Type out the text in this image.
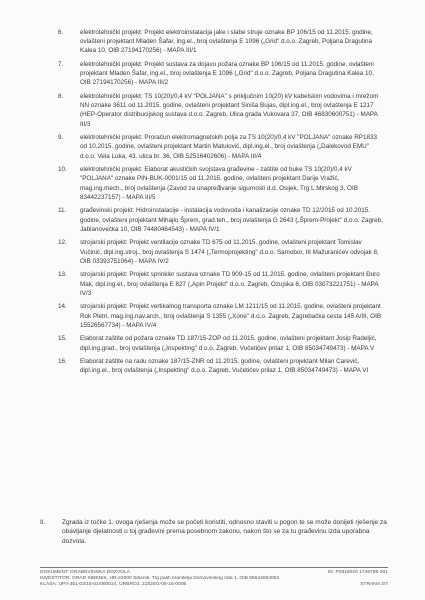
6.	elektrotehnički projekt: Projekt elektroinstalacija jake i slabe struje oznake BP 106/15 od 11.2015. godine, ovlašteni projektant Mladen Šafar, ing.el., broj ovlaštenja E 1096 („Grid" d.o.o. Zagreb, Poljana Dragutina Kalea 10, OIB 27194170256) - MAPA III/1
7.	elektrotehnički projekt: Projekt sustava za dojavu požara oznake BP 106/15 od 11.2015. godine, ovlašteni projektant Mladen Šafar, ing.el., broj ovlaštenja E 1096 („Grid" d.o.o. Zagreb, Poljana Dragutina Kalea 10, OIB 27194170256) - MAPA III/2
8.	elektrotehnički projekt: TS 10(20)/0,4 kV "POLJANA" s priključnim 10(20) kV kabelskim vodovima i mrežom NN oznake 3611 od 11.2015. godine, ovlašteni projektant Siniša Bujas, dipl.ing.el., broj ovlaštenja E 1217 (HEP-Operator distribucijskog sustava d.o.o. Zagreb, Ulica grada Vukovara 37, OIB 46830600751) - MAPA III/3
9.	elektrotehnički projekt: Proračun elektromagnetskih polja za TS 10(20)/0,4 kV "POLJANA" oznake RP1833 od 10.2015. godine, ovlašteni projektant Martin Matulović, dipl.ing.el., broj ovlaštenja („Dalekovod EMU" d.o.o. Vela Luka, 43. ulica br. 36, OIB 52516402606) - MAPA III/4
10. elektrotehnički projekt: Elaborat akustičkih svojstava građevine - zaštite od buke TS 10(20)/0,4 kV "POLJANA" oznake PIN-BUK-0001/15 od 11.2015. godine, ovlašteni projektant Darije Vražić, mag.ing.mech., broj ovlaštenja (Zavod za unapređivanje sigurnosti d.d. Osijek, Trg L.Mirskog 3, OIB 83442237157) - MAPA III/5
11. građevinski projekt: Hidroinstalacije - instalacija vodovoda i kanalizacije oznake TD 12/2015 od 10.2015. godine, ovlašteni projektant Mihajlo Šprem, grad.teh., broj ovlaštenja G 2643 („Šprem-Projekt" d.o.o. Zagreb, Jablanovečka 10, OIB 74480464543) - MAPA IV/1
12. strojarski projekt: Projekt ventilacije oznake TD 675 od 11.2015. godine, ovlašteni projektant Tomislav Vučinić, dipl.ing.stroj., broj ovlaštenja S 1474 („Termoprojekting" d.o.o. Samobor, III Mažuranićev odvojak 8, OIB 03393751064) - MAPA IV/2
13. strojarski projekt: Projekt sprinkler sustava oznake TD 909-15 od 11.2015. godine, ovlašteni projektant Đuro Mak, dipl.ing.el., broj ovlaštenja E 827 („Apin Projekt" d.o.o. Zagreb, Ozujska 8, OIB 03073221751) - MAPA IV/3
14. strojarski projekt: Projekt vertikalnog transporta oznake LM 1211/15 od 11.2015. godine, ovlašteni projektant Rok Pletri, mag.ing.nav.arch., broj ovlaštenja S 1355 („Xone" d.o.o. Zagreb, Zagrebačka cesta 145 A/III, OIB 15526567734) - MAPA IV/4
15. Elaborat zaštite od požara oznake TD 187/15-ZOP od 11.2015. godine, ovlašteni projektant Josip Radeljić, dipl.ing.grad., broj ovlaštenja („Inspekting" d.o.o. Zagreb, Vučetićev prilaz 1, OIB 85034749473) - MAPA V
16. Elaborat zaštite na radu oznake 187/15-ZNR od 11.2015. godine, ovlašteni projektant Milan Carević, dipl.ing.el., broj ovlaštenja („Inspekting" d.o.o. Zagreb, Vučetićev prilaz 1, OIB 85034749473) - MAPA VI
II.	Zgrada iz točke 1. ovoga rješenja može se početi koristiti, odnosno staviti u pogon te se može donijeti rješenje za obavljanje djelatnosti u toj građevini prema posebnom zakonu, nakon što se za tu građevinu izda uporabna dozvola.
DOKUMENT: GRAĐEVINSKA DOZVOLA	ID: P2816020 1746795-201
INVESTITOR: GRAD ŠIBENIK, HR-22000 Šibenik, Trg palih branitelja Domovinskog rata 1, OIB 55644094063
KLASA: UP/I-361-03/16-01/000024, URBROJ: 2182/01-08-16-0006	STRANA 2/7
